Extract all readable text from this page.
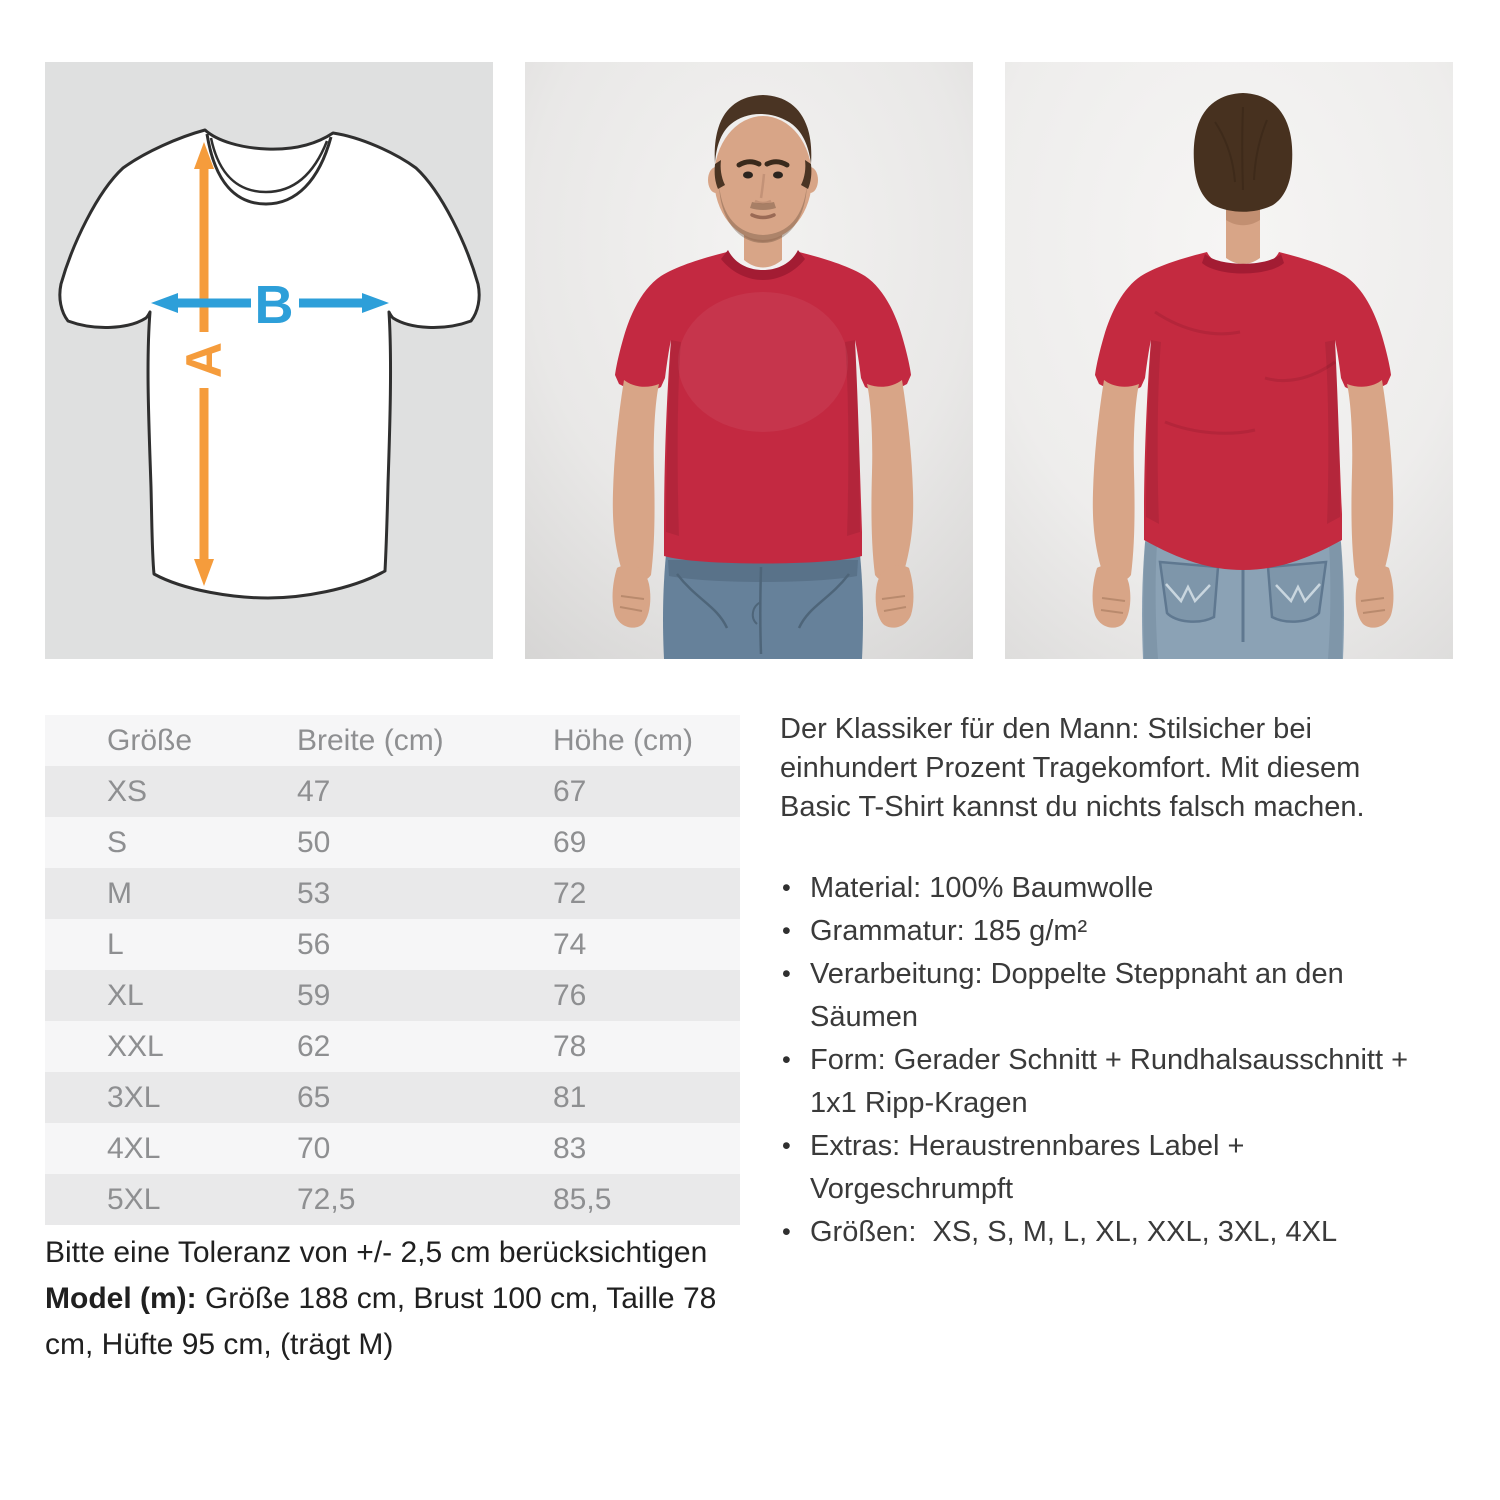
A
B
Größe	Breite (cm)	Höhe (cm)
XS	47	67
S	50	69
M	53	72
L	56	74
XL	59	76
XXL	62	78
3XL	65	81
4XL	70	83
5XL	72,5	85,5
Bitte eine Toleranz von +/- 2,5 cm berücksichtigen
Model (m): Größe 188 cm, Brust 100 cm, Taille 78 cm, Hüfte 95 cm, (trägt M)

Der Klassiker für den Mann: Stilsicher bei einhundert Prozent Tragekomfort. Mit diesem Basic T-Shirt kannst du nichts falsch machen.

• Material: 100% Baumwolle
• Grammatur: 185 g/m²
• Verarbeitung: Doppelte Steppnaht an den Säumen
• Form: Gerader Schnitt + Rundhalsausschnitt + 1x1 Ripp-Kragen
• Extras: Heraustrennbares Label + Vorgeschrumpft
• Größen:  XS, S, M, L, XL, XXL, 3XL, 4XL
